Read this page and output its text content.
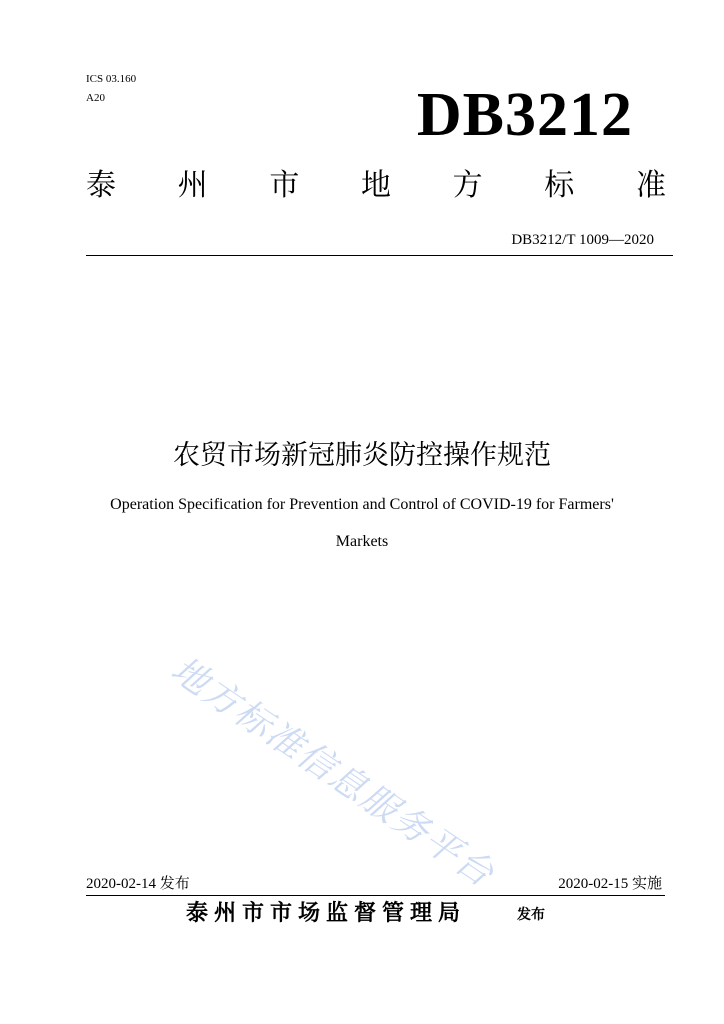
ICS 03.160
A20	DB3212
泰 州 市 地 方 标 准
DB3212/T 1009—2020
农贸市场新冠肺炎防控操作规范
Operation Specification for Prevention and Control of COVID-19 for Farmers'
Markets
地方标准信息服务平台
2020-02-14 发布	2020-02-15 实施
泰州市市场监督管理局	发布
